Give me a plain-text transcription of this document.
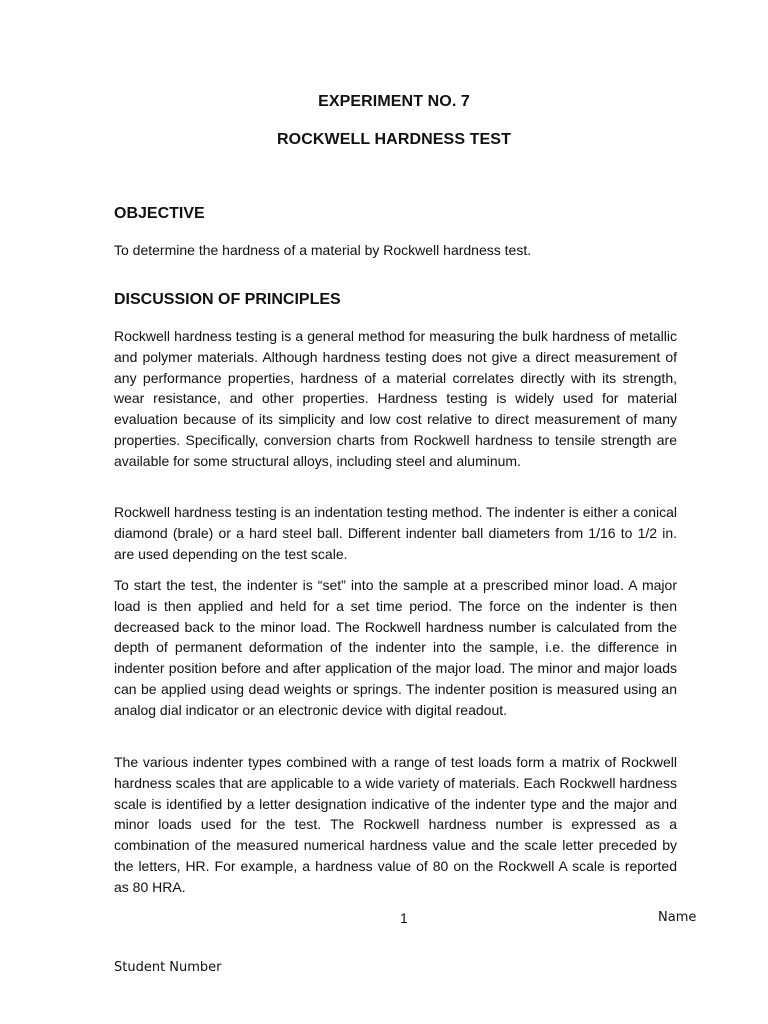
EXPERIMENT NO. 7
ROCKWELL HARDNESS TEST
OBJECTIVE
To determine the hardness of a material by Rockwell hardness test.
DISCUSSION OF PRINCIPLES
Rockwell hardness testing is a general method for measuring the bulk hardness of metallic and polymer materials. Although hardness testing does not give a direct measurement of any performance properties, hardness of a material correlates directly with its strength, wear resistance, and other properties. Hardness testing is widely used for material evaluation because of its simplicity and low cost relative to direct measurement of many properties. Specifically, conversion charts from Rockwell hardness to tensile strength are available for some structural alloys, including steel and aluminum.
Rockwell hardness testing is an indentation testing method. The indenter is either a conical diamond (brale) or a hard steel ball. Different indenter ball diameters from 1/16 to 1/2 in. are used depending on the test scale.
To start the test, the indenter is “set” into the sample at a prescribed minor load. A major load is then applied and held for a set time period. The force on the indenter is then decreased back to the minor load. The Rockwell hardness number is calculated from the depth of permanent deformation of the indenter into the sample, i.e. the difference in indenter position before and after application of the major load. The minor and major loads can be applied using dead weights or springs. The indenter position is measured using an analog dial indicator or an electronic device with digital readout.
The various indenter types combined with a range of test loads form a matrix of Rockwell hardness scales that are applicable to a wide variety of materials. Each Rockwell hardness scale is identified by a letter designation indicative of the indenter type and the major and minor loads used for the test. The Rockwell hardness number is expressed as a combination of the measured numerical hardness value and the scale letter preceded by the letters, HR. For example, a hardness value of 80 on the Rockwell A scale is reported as 80 HRA.
1	Name
Student Number
